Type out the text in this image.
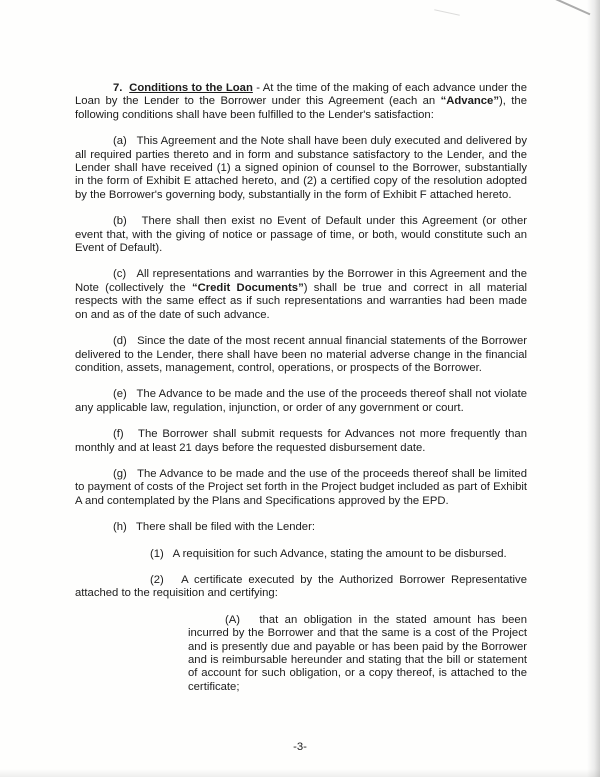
7. Conditions to the Loan - At the time of the making of each advance under the Loan by the Lender to the Borrower under this Agreement (each an “Advance”), the following conditions shall have been fulfilled to the Lender's satisfaction:

(a)   This Agreement and the Note shall have been duly executed and delivered by all required parties thereto and in form and substance satisfactory to the Lender, and the Lender shall have received (1) a signed opinion of counsel to the Borrower, substantially in the form of Exhibit E attached hereto, and (2) a certified copy of the resolution adopted by the Borrower's governing body, substantially in the form of Exhibit F attached hereto.

(b)   There shall then exist no Event of Default under this Agreement (or other event that, with the giving of notice or passage of time, or both, would constitute such an Event of Default).

(c)   All representations and warranties by the Borrower in this Agreement and the Note (collectively the “Credit Documents”) shall be true and correct in all material respects with the same effect as if such representations and warranties had been made on and as of the date of such advance.

(d)   Since the date of the most recent annual financial statements of the Borrower delivered to the Lender, there shall have been no material adverse change in the financial condition, assets, management, control, operations, or prospects of the Borrower.

(e)   The Advance to be made and the use of the proceeds thereof shall not violate any applicable law, regulation, injunction, or order of any government or court.

(f)   The Borrower shall submit requests for Advances not more frequently than monthly and at least 21 days before the requested disbursement date.

(g)   The Advance to be made and the use of the proceeds thereof shall be limited to payment of costs of the Project set forth in the Project budget included as part of Exhibit A and contemplated by the Plans and Specifications approved by the EPD.

(h)   There shall be filed with the Lender:

(1)   A requisition for such Advance, stating the amount to be disbursed.

(2)   A certificate executed by the Authorized Borrower Representative attached to the requisition and certifying:

(A)   that an obligation in the stated amount has been incurred by the Borrower and that the same is a cost of the Project and is presently due and payable or has been paid by the Borrower and is reimbursable hereunder and stating that the bill or statement of account for such obligation, or a copy thereof, is attached to the certificate;

-3-
